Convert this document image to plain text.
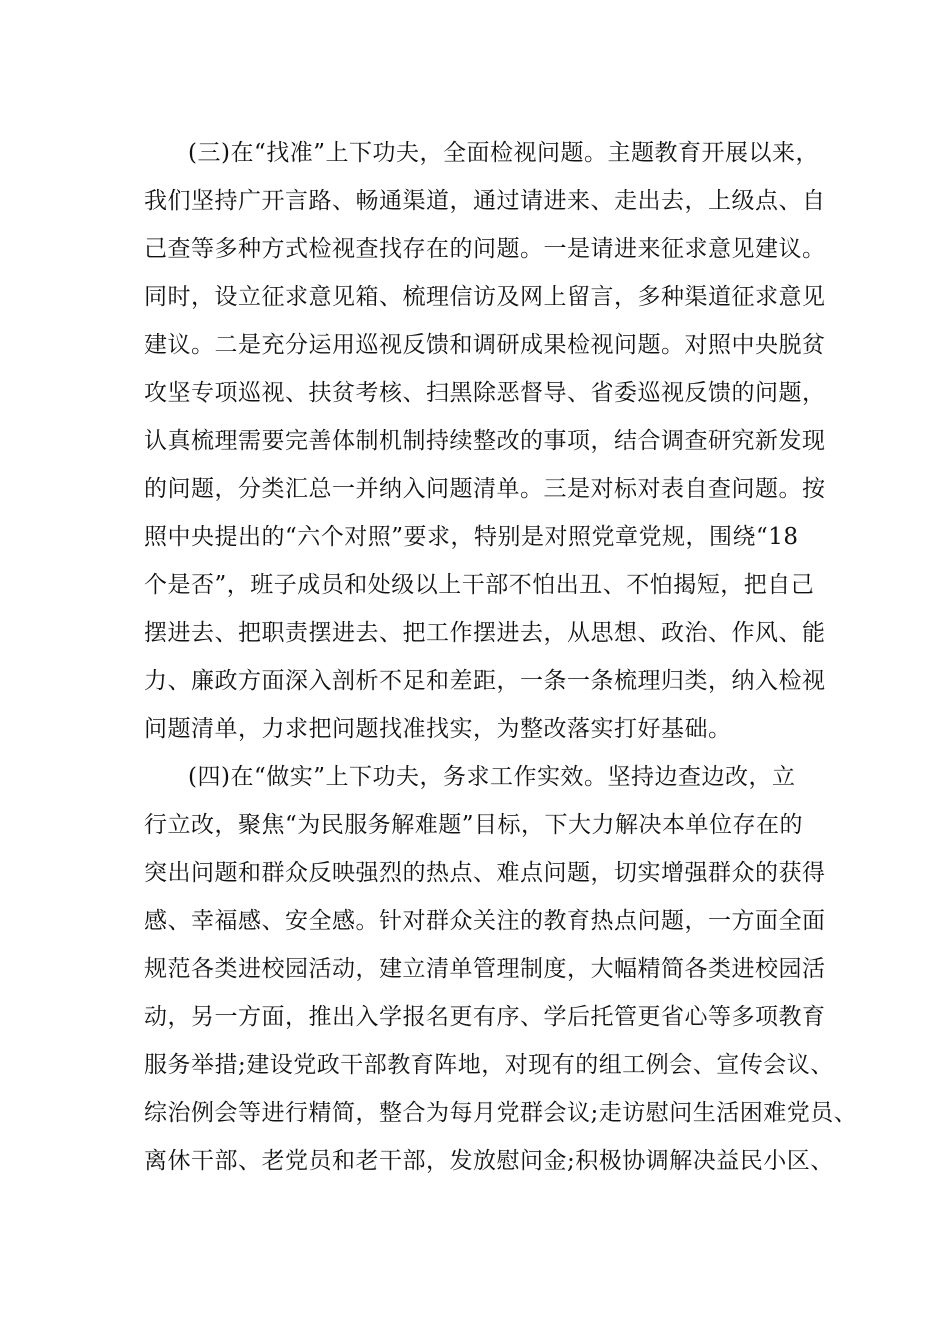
(三)在“找准”上下功夫，全面检视问题。主题教育开展以来，
我们坚持广开言路、畅通渠道，通过请进来、走出去，上级点、自
己查等多种方式检视查找存在的问题。一是请进来征求意见建议。
同时，设立征求意见箱、梳理信访及网上留言，多种渠道征求意见
建议。二是充分运用巡视反馈和调研成果检视问题。对照中央脱贫
攻坚专项巡视、扶贫考核、扫黑除恶督导、省委巡视反馈的问题，
认真梳理需要完善体制机制持续整改的事项，结合调查研究新发现
的问题，分类汇总一并纳入问题清单。三是对标对表自查问题。按
照中央提出的“六个对照”要求，特别是对照党章党规，围绕“18
个是否”，班子成员和处级以上干部不怕出丑、不怕揭短，把自己
摆进去、把职责摆进去、把工作摆进去，从思想、政治、作风、能
力、廉政方面深入剖析不足和差距，一条一条梳理归类，纳入检视
问题清单，力求把问题找准找实，为整改落实打好基础。
(四)在“做实”上下功夫，务求工作实效。坚持边查边改，立
行立改，聚焦“为民服务解难题”目标，下大力解决本单位存在的
突出问题和群众反映强烈的热点、难点问题，切实增强群众的获得
感、幸福感、安全感。针对群众关注的教育热点问题，一方面全面
规范各类进校园活动，建立清单管理制度，大幅精简各类进校园活
动，另一方面，推出入学报名更有序、学后托管更省心等多项教育
服务举措;建设党政干部教育阵地，对现有的组工例会、宣传会议、
综治例会等进行精简，整合为每月党群会议;走访慰问生活困难党员、
离休干部、老党员和老干部，发放慰问金;积极协调解决益民小区、
